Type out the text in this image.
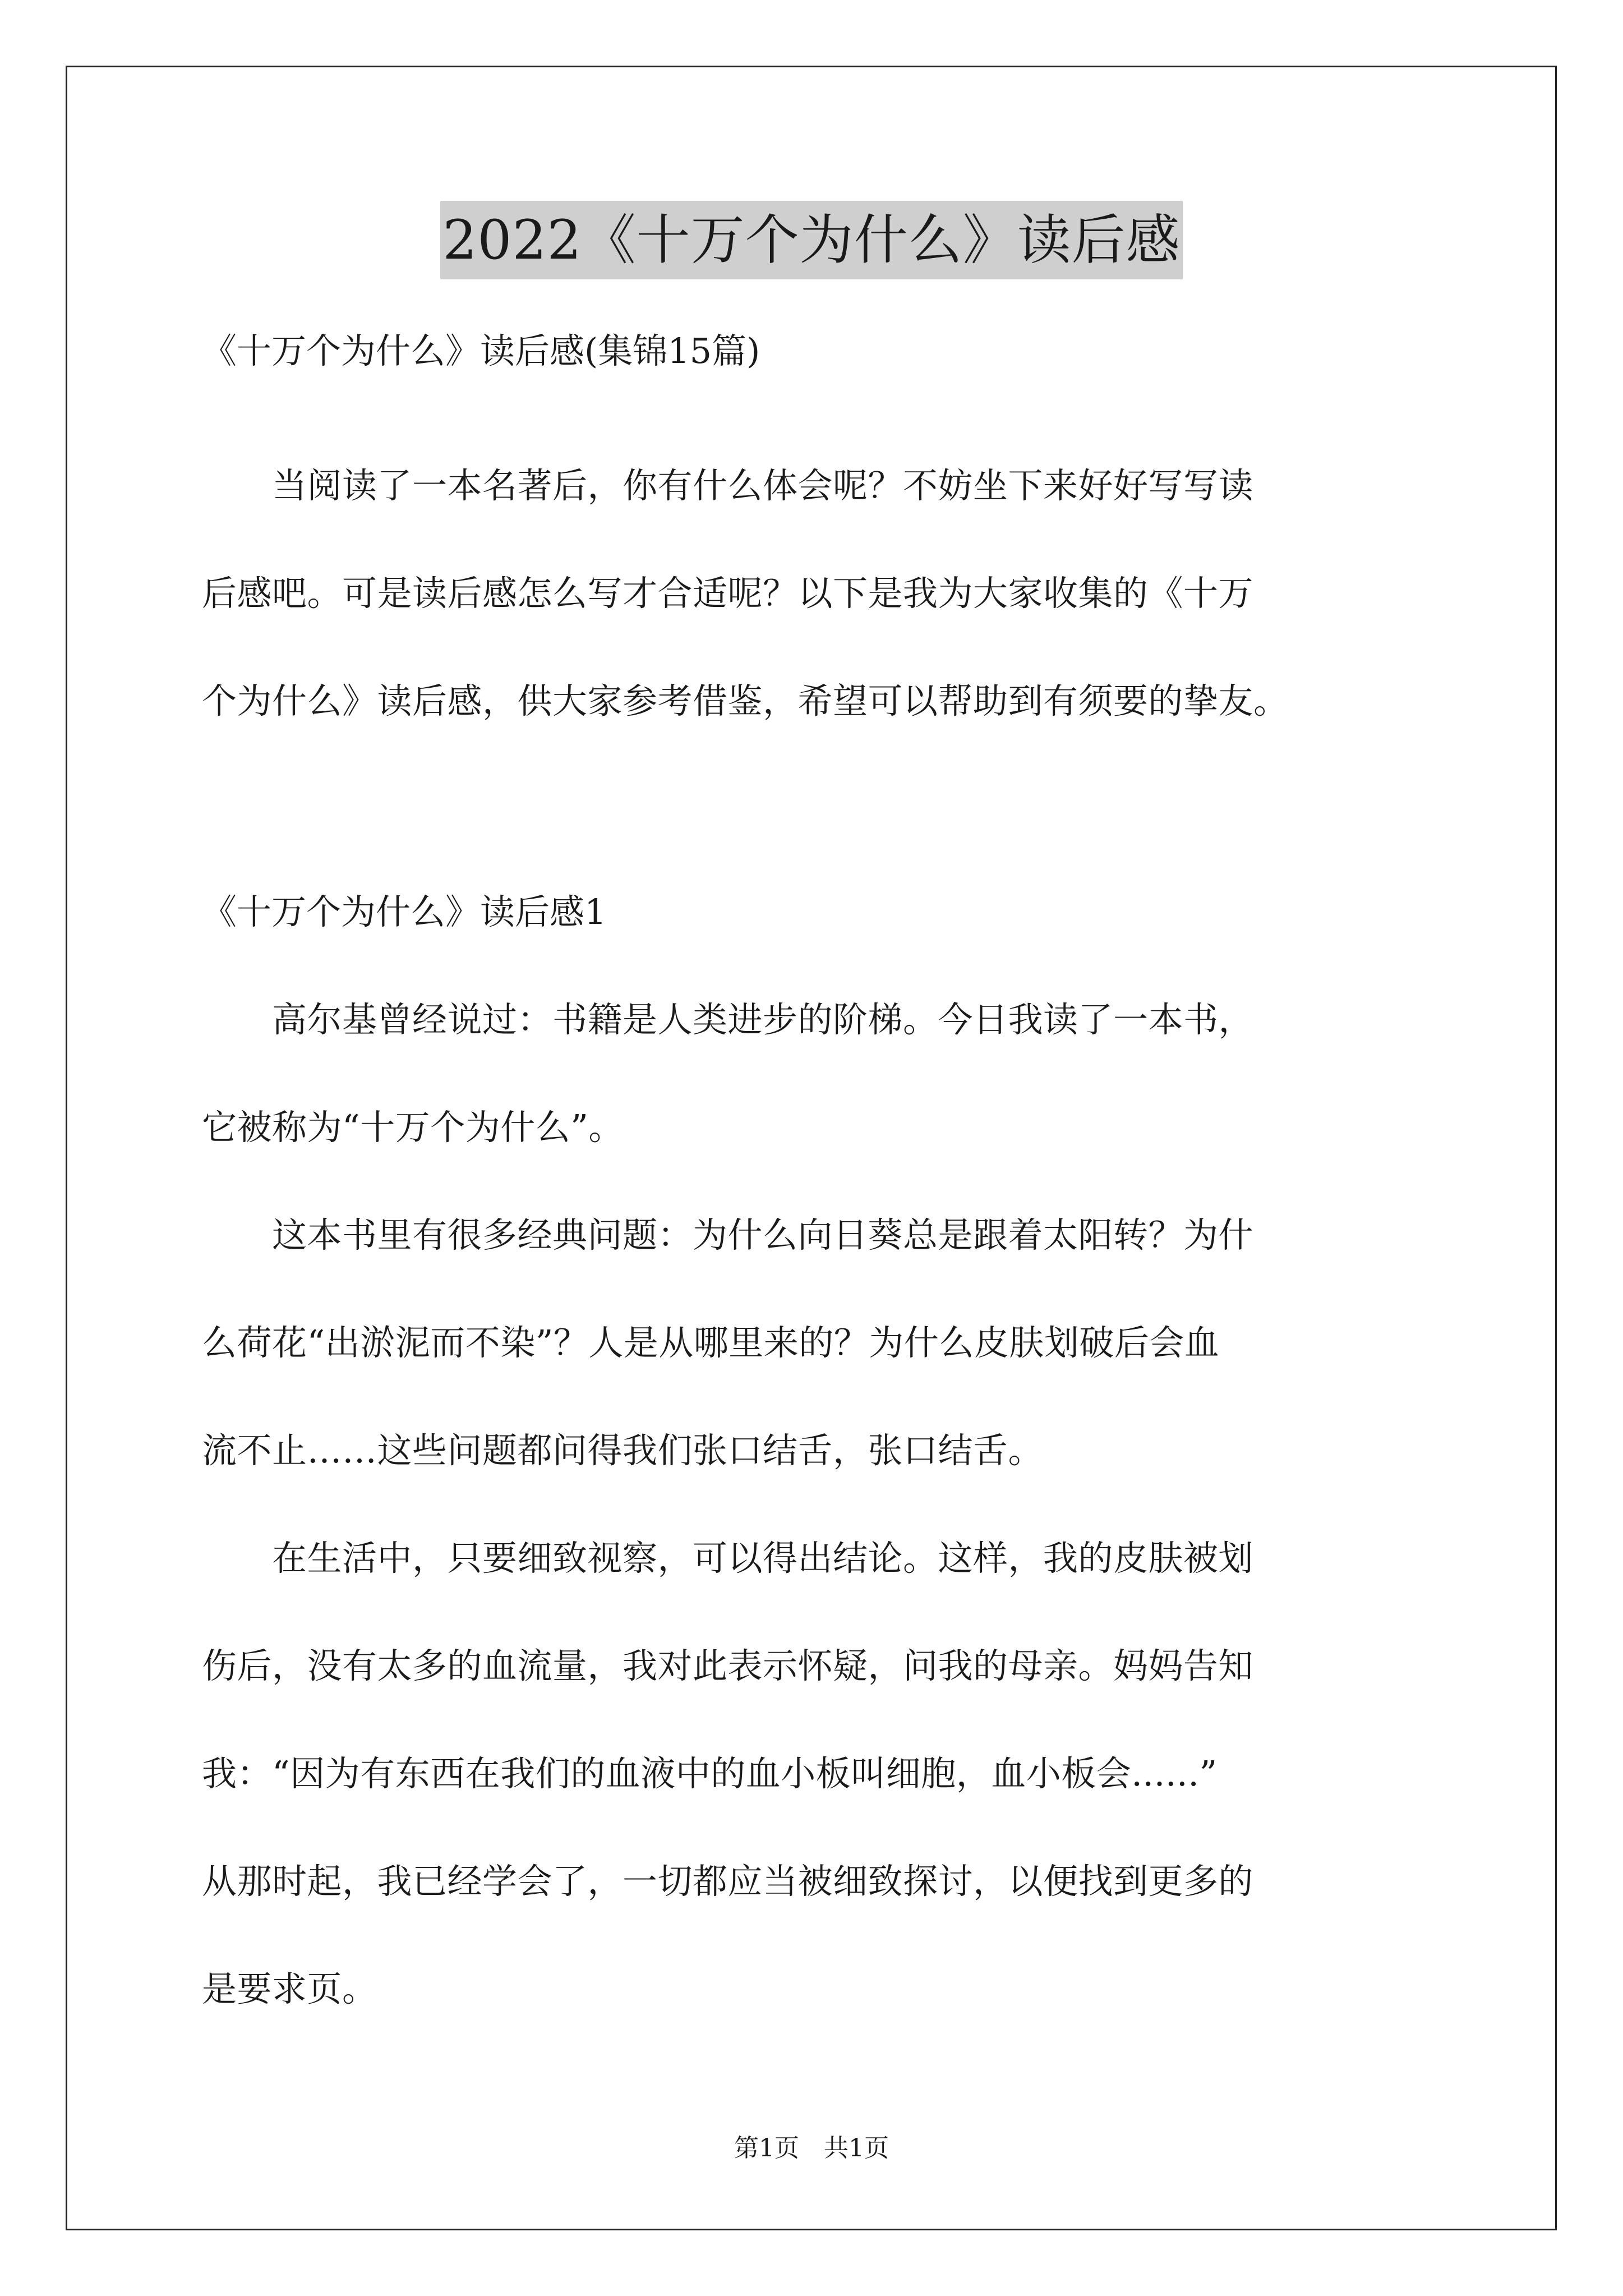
2022《十万个为什么》读后感

《十万个为什么》读后感(集锦15篇)

　　当阅读了一本名著后，你有什么体会呢？不妨坐下来好好写写读

后感吧。可是读后感怎么写才合适呢？以下是我为大家收集的《十万

个为什么》读后感，供大家参考借鉴，希望可以帮助到有须要的挚友。

《十万个为什么》读后感1

　　高尔基曾经说过：书籍是人类进步的阶梯。今日我读了一本书，

它被称为“十万个为什么”。

　　这本书里有很多经典问题：为什么向日葵总是跟着太阳转？为什

么荷花“出淤泥而不染”？人是从哪里来的？为什么皮肤划破后会血

流不止……这些问题都问得我们张口结舌，张口结舌。

　　在生活中，只要细致视察，可以得出结论。这样，我的皮肤被划

伤后，没有太多的血流量，我对此表示怀疑，问我的母亲。妈妈告知

我：“因为有东西在我们的血液中的血小板叫细胞，血小板会......”

从那时起，我已经学会了，一切都应当被细致探讨，以便找到更多的

是要求页。

第1页　共1页
